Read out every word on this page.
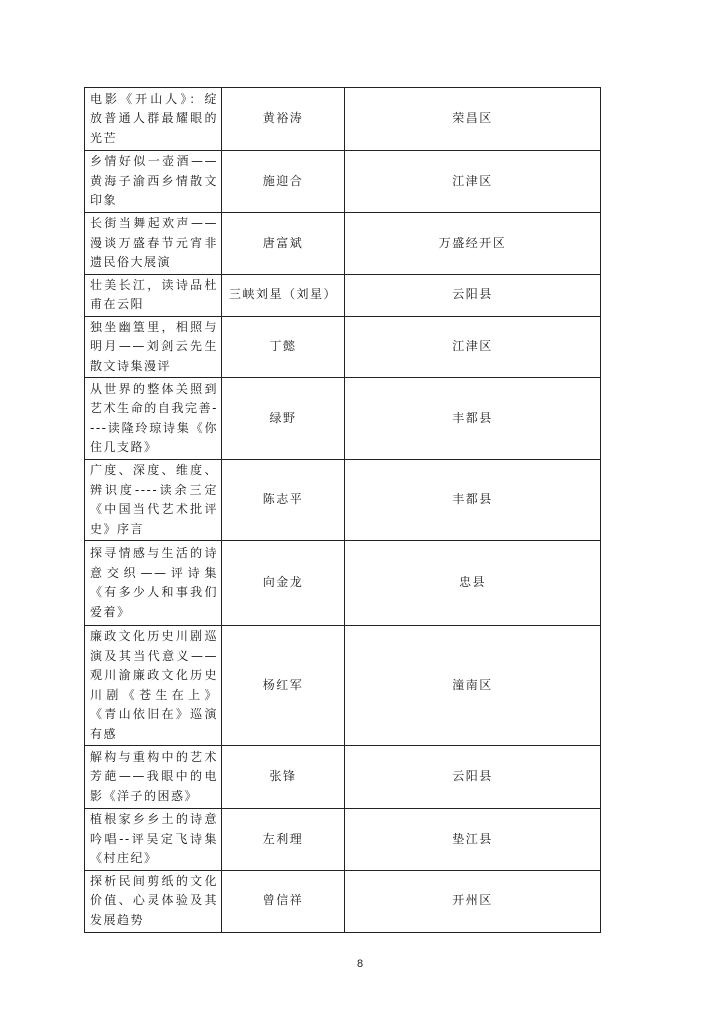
电影《开山人》：绽放普通人群最耀眼的光芒	黄裕涛	荣昌区
乡情好似一壶酒——黄海子渝西乡情散文印象	施迎合	江津区
长街当舞起欢声——漫谈万盛春节元宵非遗民俗大展演	唐富斌	万盛经开区
壮美长江，读诗品杜甫在云阳	三峡刘星（刘星）	云阳县
独坐幽篁里，相照与明月——刘剑云先生散文诗集漫评	丁懿	江津区
从世界的整体关照到艺术生命的自我完善----读隆玲琼诗集《你住几支路》	绿野	丰都县
广度、深度、维度、辨识度----读余三定《中国当代艺术批评史》序言	陈志平	丰都县
探寻情感与生活的诗意交织——评诗集《有多少人和事我们爱着》	向金龙	忠县
廉政文化历史川剧巡演及其当代意义——观川渝廉政文化历史川剧《苍生在上》《青山依旧在》巡演有感	杨红军	潼南区
解构与重构中的艺术芳葩——我眼中的电影《洋子的困惑》	张锋	云阳县
植根家乡乡土的诗意吟唱--评吴定飞诗集《村庄纪》	左利理	垫江县
探析民间剪纸的文化价值、心灵体验及其发展趋势	曾信祥	开州区
8
